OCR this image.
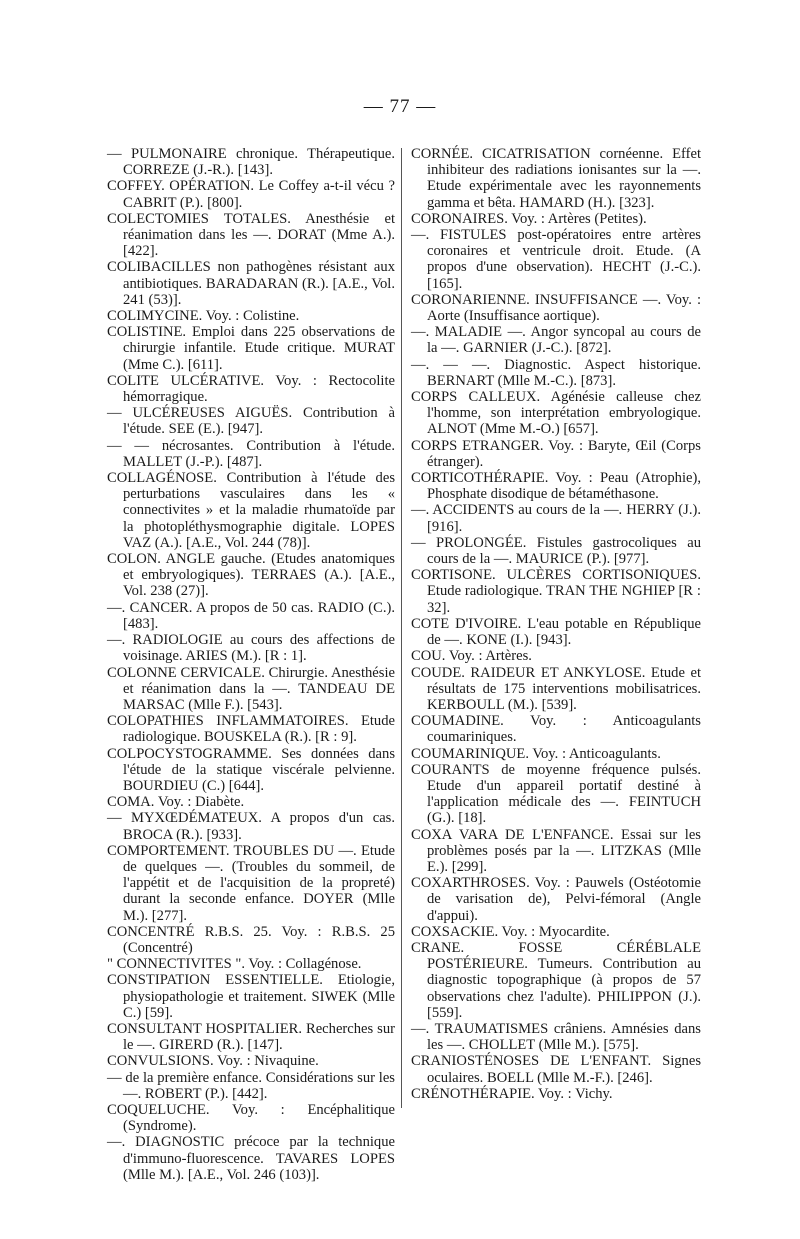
— 77 —

— PULMONAIRE chronique. Thérapeutique. CORREZE (J.-R.). [143].

COFFEY. OPÉRATION. Le Coffey a-t-il vécu ? CABRIT (P.). [800].

COLECTOMIES TOTALES. Anesthésie et réanimation dans les —. DORAT (Mme A.). [422].

COLIBACILLES non pathogènes résistant aux antibiotiques. BARADARAN (R.). [A.E., Vol. 241 (53)].

COLIMYCINE. Voy. : Colistine.

COLISTINE. Emploi dans 225 observations de chirurgie infantile. Etude critique. MURAT (Mme C.). [611].

COLITE ULCÉRATIVE. Voy. : Rectocolite hémorragique.

— ULCÉREUSES AIGUËS. Contribution à l'étude. SEE (E.). [947].

— — nécrosantes. Contribution à l'étude. MALLET (J.-P.). [487].

COLLAGÉNOSE. Contribution à l'étude des perturbations vasculaires dans les « connectivites » et la maladie rhumatoïde par la photopléthysmographie digitale. LOPES VAZ (A.). [A.E., Vol. 244 (78)].

COLON. ANGLE gauche. (Etudes anatomiques et embryologiques). TERRAES (A.). [A.E., Vol. 238 (27)].

—. CANCER. A propos de 50 cas. RADIO (C.). [483].

—. RADIOLOGIE au cours des affections de voisinage. ARIES (M.). [R : 1].

COLONNE CERVICALE. Chirurgie. Anesthésie et réanimation dans la —. TANDEAU DE MARSAC (Mlle F.). [543].

COLOPATHIES INFLAMMATOIRES. Etude radiologique. BOUSKELA (R.). [R : 9].

COLPOCYSTOGRAMME. Ses données dans l'étude de la statique viscérale pelvienne. BOURDIEU (C.) [644].

COMA. Voy. : Diabète.

— MYXŒDÉMATEUX. A propos d'un cas. BROCA (R.). [933].

COMPORTEMENT. TROUBLES DU —. Etude de quelques —. (Troubles du sommeil, de l'appétit et de l'acquisition de la propreté) durant la seconde enfance. DOYER (Mlle M.). [277].

CONCENTRÉ R.B.S. 25. Voy. : R.B.S. 25 (Concentré)

" CONNECTIVITES ". Voy. : Collagénose.

CONSTIPATION ESSENTIELLE. Etiologie, physiopathologie et traitement. SIWEK (Mlle C.) [59].

CONSULTANT HOSPITALIER. Recherches sur le —. GIRERD (R.). [147].

CONVULSIONS. Voy. : Nivaquine.

— de la première enfance. Considérations sur les —. ROBERT (P.). [442].

COQUELUCHE. Voy. : Encéphalitique (Syndrome).

—. DIAGNOSTIC précoce par la technique d'immuno-fluorescence. TAVARES LOPES (Mlle M.). [A.E., Vol. 246 (103)].

CORNÉE. CICATRISATION cornéenne. Effet inhibiteur des radiations ionisantes sur la —. Etude expérimentale avec les rayonnements gamma et bêta. HAMARD (H.). [323].

CORONAIRES. Voy. : Artères (Petites).

—. FISTULES post-opératoires entre artères coronaires et ventricule droit. Etude. (A propos d'une observation). HECHT (J.-C.). [165].

CORONARIENNE. INSUFFISANCE —. Voy. : Aorte (Insuffisance aortique).

—. MALADIE —. Angor syncopal au cours de la —. GARNIER (J.-C.). [872].

—. — —. Diagnostic. Aspect historique. BERNART (Mlle M.-C.). [873].

CORPS CALLEUX. Agénésie calleuse chez l'homme, son interprétation embryologique. ALNOT (Mme M.-O.) [657].

CORPS ETRANGER. Voy. : Baryte, Œil (Corps étranger).

CORTICOTHÉRAPIE. Voy. : Peau (Atrophie), Phosphate disodique de bétaméthasone.

—. ACCIDENTS au cours de la —. HERRY (J.). [916].

— PROLONGÉE. Fistules gastrocoliques au cours de la —. MAURICE (P.). [977].

CORTISONE. ULCÈRES CORTISONIQUES. Etude radiologique. TRAN THE NGHIEP [R : 32].

COTE D'IVOIRE. L'eau potable en République de —. KONE (I.). [943].

COU. Voy. : Artères.

COUDE. RAIDEUR ET ANKYLOSE. Etude et résultats de 175 interventions mobilisatrices. KERBOULL (M.). [539].

COUMADINE. Voy. : Anticoagulants coumariniques.

COUMARINIQUE. Voy. : Anticoagulants.

COURANTS de moyenne fréquence pulsés. Etude d'un appareil portatif destiné à l'application médicale des —. FEINTUCH (G.). [18].

COXA VARA DE L'ENFANCE. Essai sur les problèmes posés par la —. LITZKAS (Mlle E.). [299].

COXARTHROSES. Voy. : Pauwels (Ostéotomie de varisation de), Pelvi-fémoral (Angle d'appui).

COXSACKIE. Voy. : Myocardite.

CRANE. FOSSE CÉRÉBLALE POSTÉRIEURE. Tumeurs. Contribution au diagnostic topographique (à propos de 57 observations chez l'adulte). PHILIPPON (J.). [559].

—. TRAUMATISMES crâniens. Amnésies dans les —. CHOLLET (Mlle M.). [575].

CRANIOSTÉNOSES DE L'ENFANT. Signes oculaires. BOELL (Mlle M.-F.). [246].

CRÉNOTHÉRAPIE. Voy. : Vichy.
